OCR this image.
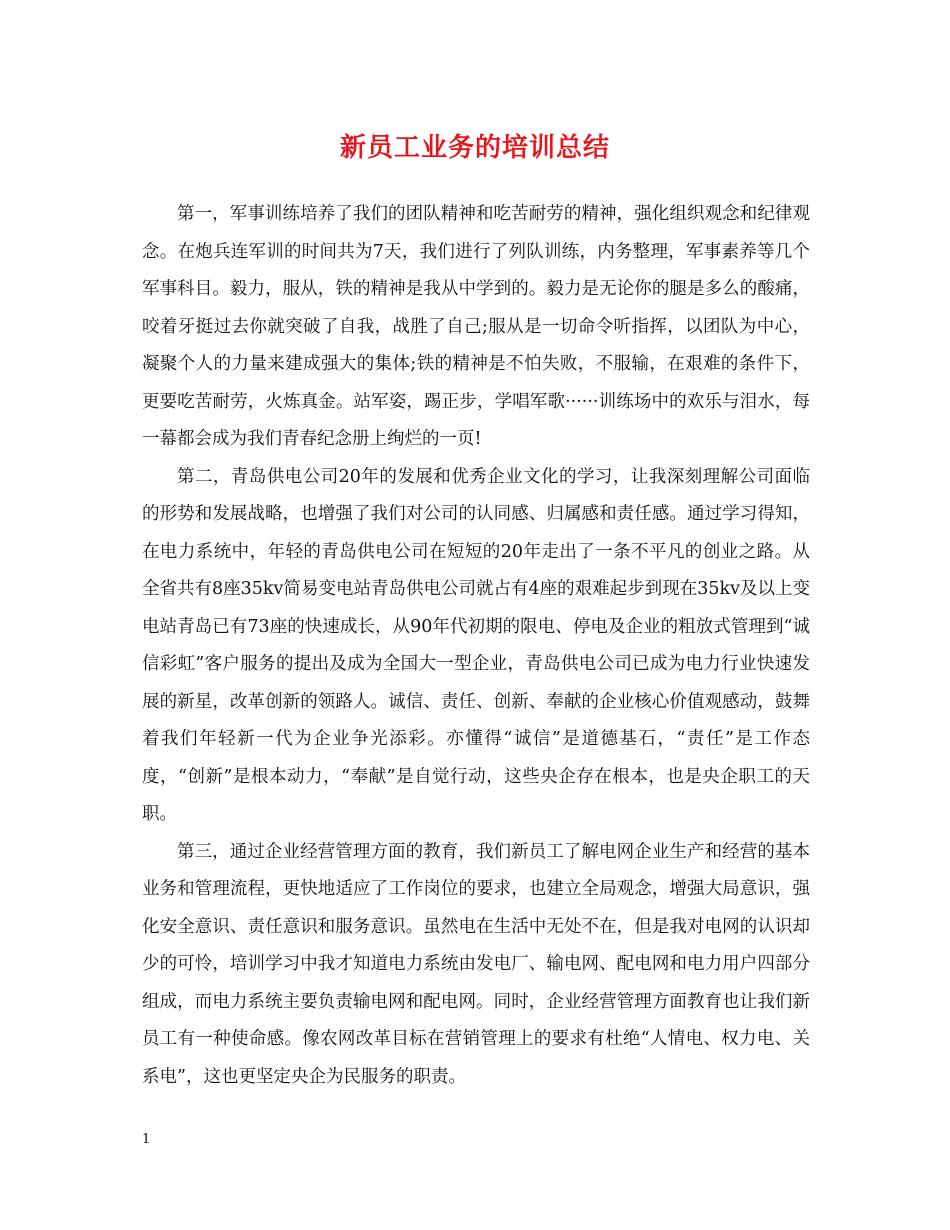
新员工业务的培训总结

第一，军事训练培养了我们的团队精神和吃苦耐劳的精神，强化组织观念和纪律观念。在炮兵连军训的时间共为7天，我们进行了列队训练，内务整理，军事素养等几个军事科目。毅力，服从，铁的精神是我从中学到的。毅力是无论你的腿是多么的酸痛，咬着牙挺过去你就突破了自我，战胜了自己;服从是一切命令听指挥，以团队为中心，凝聚个人的力量来建成强大的集体;铁的精神是不怕失败，不服输，在艰难的条件下，更要吃苦耐劳，火炼真金。站军姿，踢正步，学唱军歌······训练场中的欢乐与泪水，每一幕都会成为我们青春纪念册上绚烂的一页!

第二，青岛供电公司20年的发展和优秀企业文化的学习，让我深刻理解公司面临的形势和发展战略，也增强了我们对公司的认同感、归属感和责任感。通过学习得知，在电力系统中，年轻的青岛供电公司在短短的20年走出了一条不平凡的创业之路。从全省共有8座35kv简易变电站青岛供电公司就占有4座的艰难起步到现在35kv及以上变电站青岛已有73座的快速成长，从90年代初期的限电、停电及企业的粗放式管理到“诚信彩虹”客户服务的提出及成为全国大一型企业，青岛供电公司已成为电力行业快速发展的新星，改革创新的领路人。诚信、责任、创新、奉献的企业核心价值观感动，鼓舞着我们年轻新一代为企业争光添彩。亦懂得“诚信”是道德基石，“责任”是工作态度，“创新”是根本动力，“奉献”是自觉行动，这些央企存在根本，也是央企职工的天职。

第三，通过企业经营管理方面的教育，我们新员工了解电网企业生产和经营的基本业务和管理流程，更快地适应了工作岗位的要求，也建立全局观念，增强大局意识，强化安全意识、责任意识和服务意识。虽然电在生活中无处不在，但是我对电网的认识却少的可怜，培训学习中我才知道电力系统由发电厂、输电网、配电网和电力用户四部分组成，而电力系统主要负责输电网和配电网。同时，企业经营管理方面教育也让我们新员工有一种使命感。像农网改革目标在营销管理上的要求有杜绝“人情电、权力电、关系电”，这也更坚定央企为民服务的职责。

1
